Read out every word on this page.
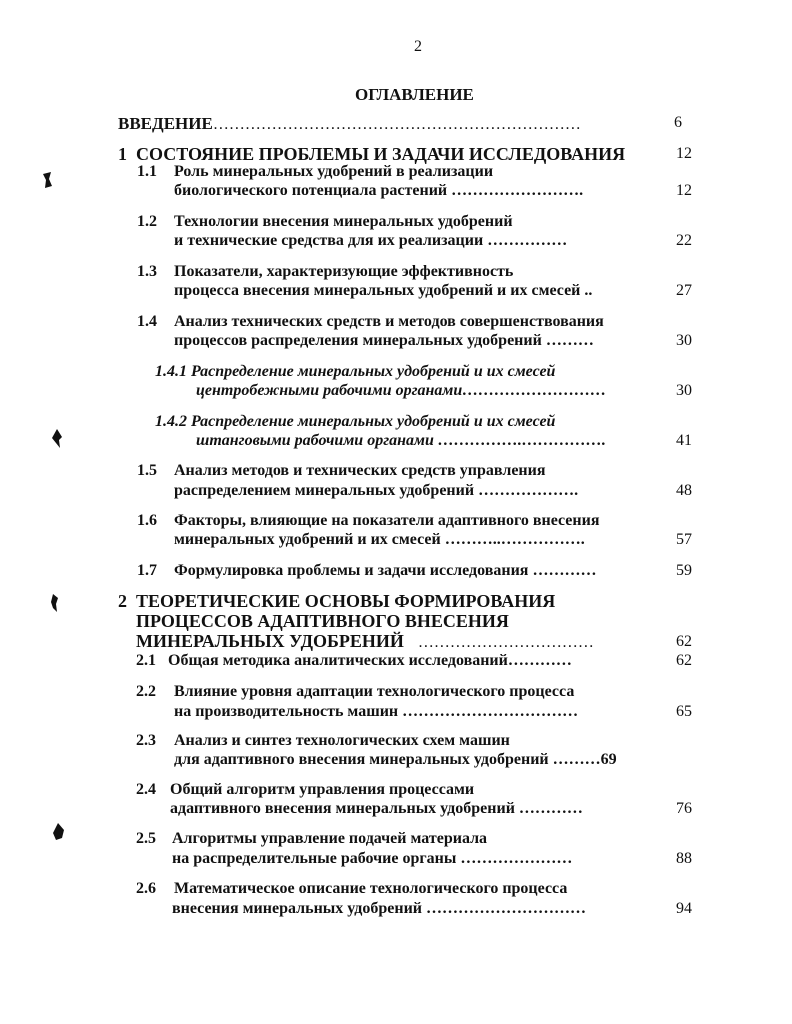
2
ОГЛАВЛЕНИЕ
ВВЕДЕНИЕ……………………………………………………………	6
1 СОСТОЯНИЕ ПРОБЛЕМЫ И ЗАДАЧИ ИССЛЕДОВАНИЯ	12
1.1 Роль минеральных удобрений в реализации
биологического потенциала растений …………………….	12
1.2 Технологии внесения минеральных удобрений
и технические средства для их реализации ……………	22
1.3 Показатели, характеризующие эффективность
процесса внесения минеральных удобрений и их смесей ..	27
1.4 Анализ технических средств и методов совершенствования
процессов распределения минеральных удобрений ………	30
1.4.1 Распределение минеральных удобрений и их смесей
центробежными рабочими органами………………………	30
1.4.2 Распределение минеральных удобрений и их смесей
штанговыми рабочими органами …………….…………….	41
1.5 Анализ методов и технических средств управления
распределением минеральных удобрений ……………….	48
1.6 Факторы, влияющие на показатели адаптивного внесения
минеральных удобрений и их смесей ………..…………….	57
1.7 Формулировка проблемы и задачи исследования …………	59
2 ТЕОРЕТИЧЕСКИЕ ОСНОВЫ ФОРМИРОВАНИЯ
ПРОЦЕССОВ АДАПТИВНОГО ВНЕСЕНИЯ
МИНЕРАЛЬНЫХ УДОБРЕНИЙ ……………………………	62
2.1 Общая методика аналитических исследований…………	62
2.2 Влияние уровня адаптации технологического процесса
на производительность машин ……………………………	65
2.3 Анализ и синтез технологических схем машин
для адаптивного внесения минеральных удобрений ………69
2.4 Общий алгоритм управления процессами
адаптивного внесения минеральных удобрений …………	76
2.5 Алгоритмы управление подачей материала
на распределительные рабочие органы …………………	88
2.6 Математическое описание технологического процесса
внесения минеральных удобрений …………………………	94
